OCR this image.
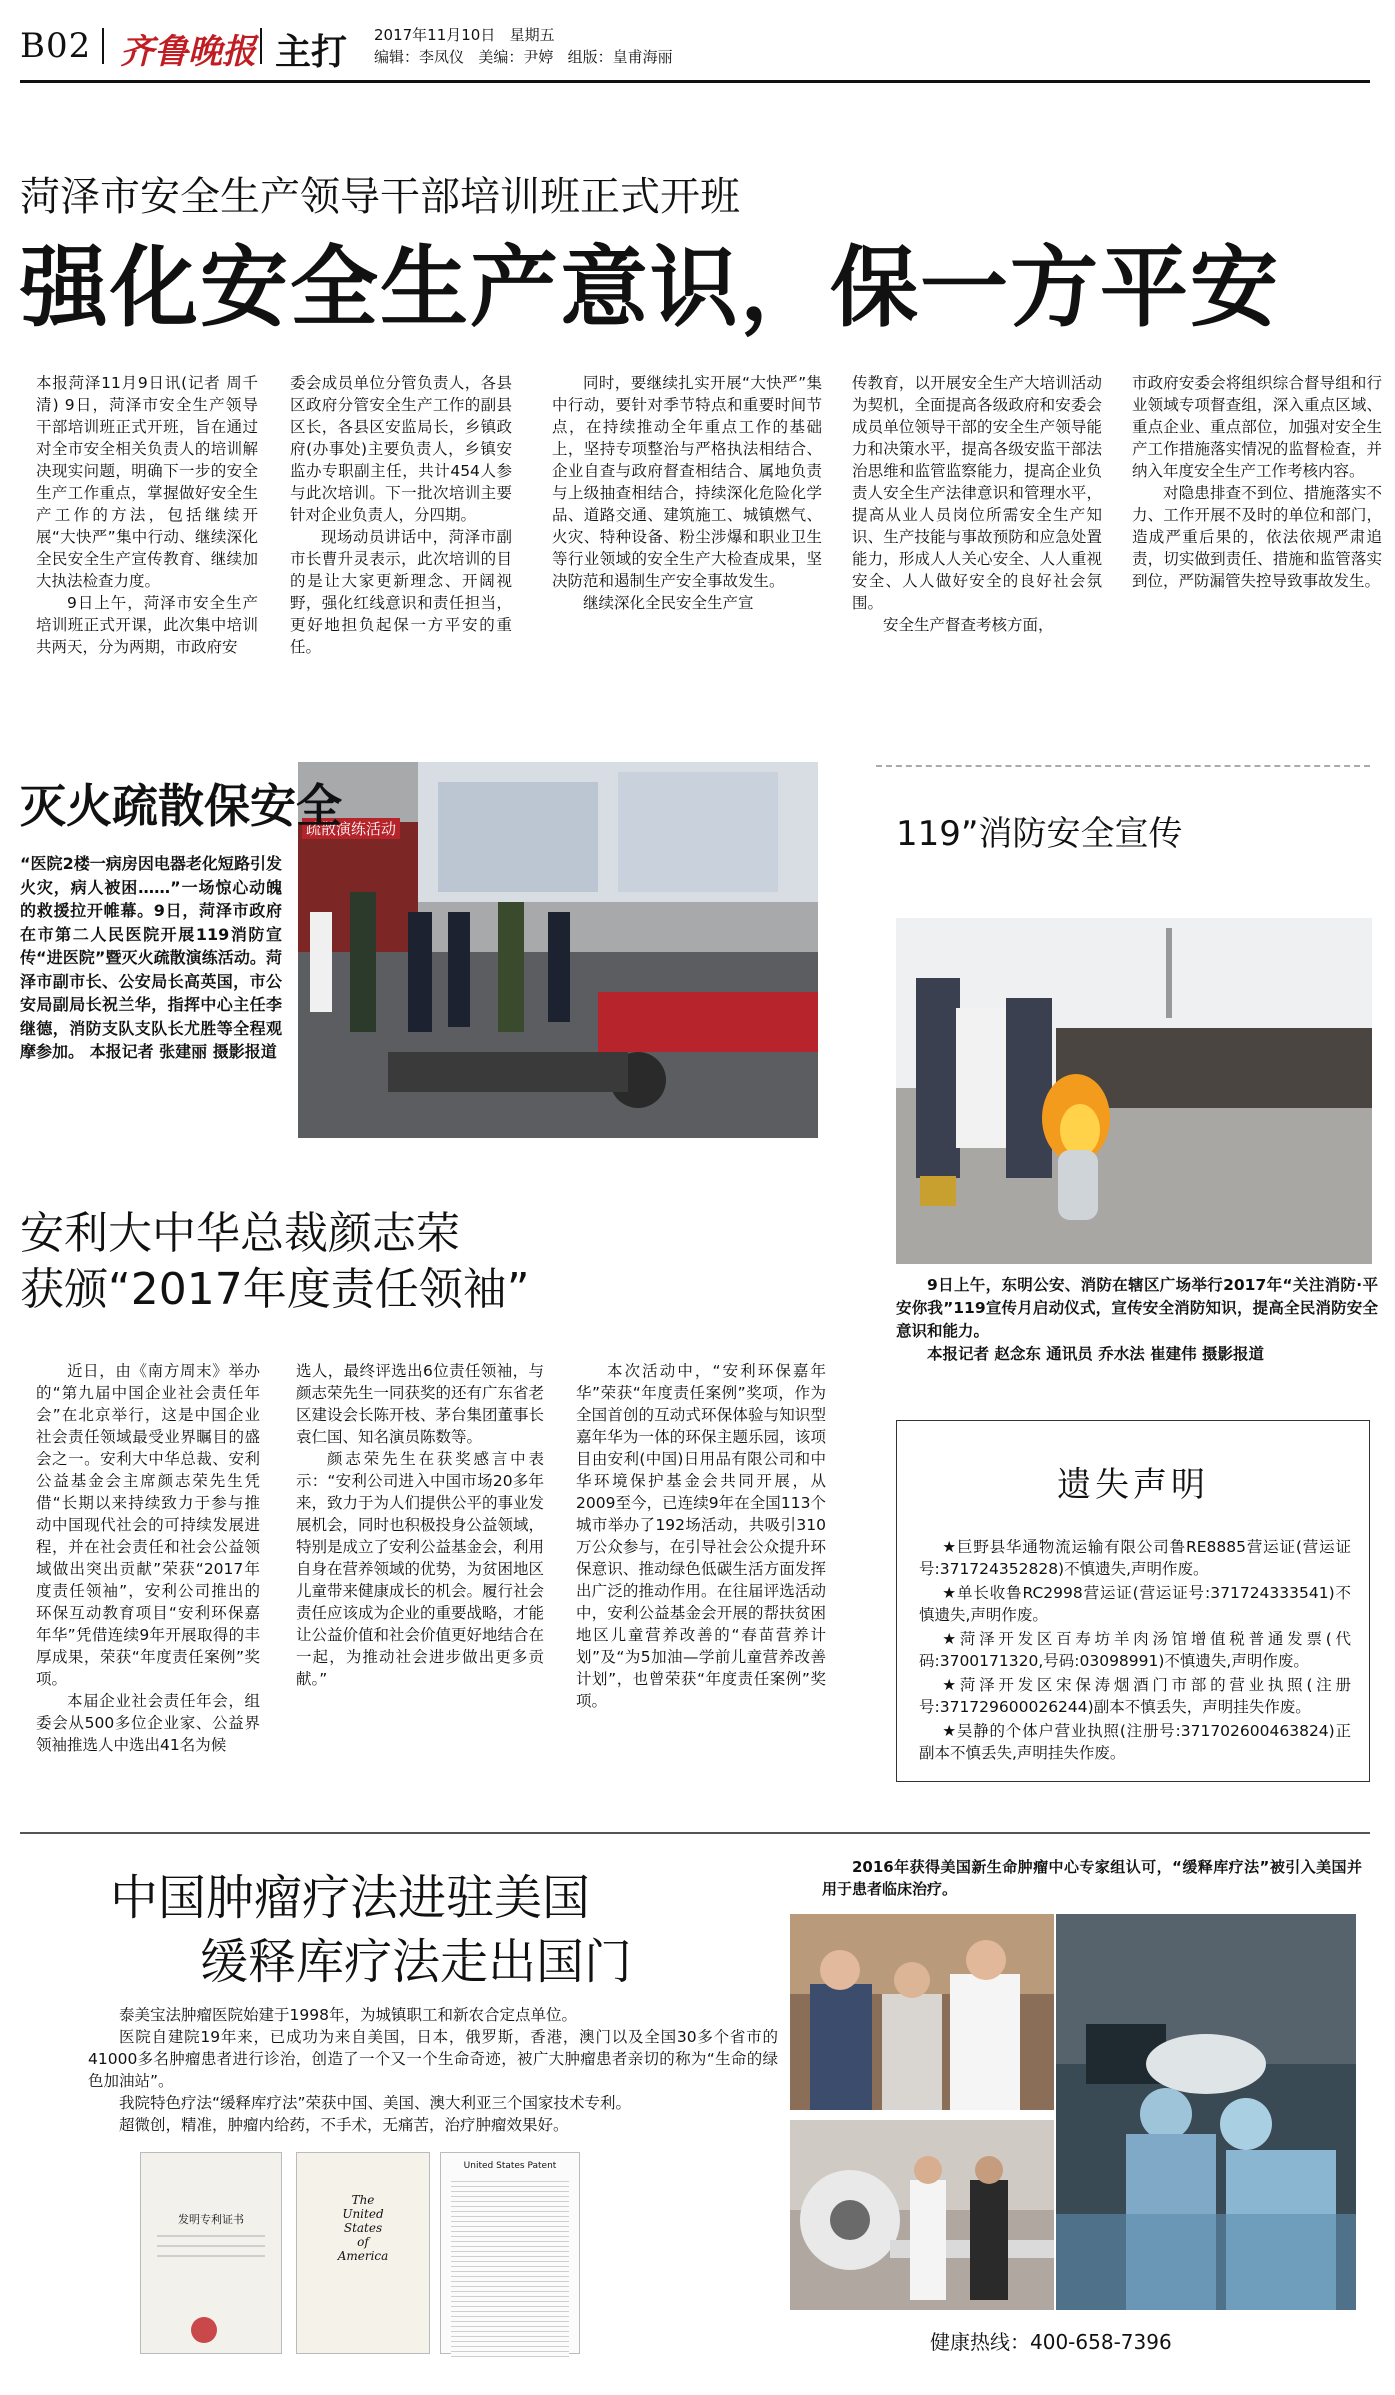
B02 齐鲁晚报 主打 2017年11月10日 星期五
编辑：李凤仪 美编：尹婷 组版：皇甫海丽
菏泽市安全生产领导干部培训班正式开班
强化安全生产意识，保一方平安

本报菏泽11月9日讯(记者 周千清) 9日，菏泽市安全生产领导干部培训班正式开班，旨在通过对全市安全相关负责人的培训解决现实问题，明确下一步的安全生产工作重点，掌握做好安全生产工作的方法，包括继续开展“大快严”集中行动、继续深化全民安全生产宣传教育、继续加大执法检查力度。

9日上午，菏泽市安全生产培训班正式开课，此次集中培训共两天，分为两期，市政府安

委会成员单位分管负责人，各县区政府分管安全生产工作的副县区长，各县区安监局长，乡镇政府(办事处)主要负责人，乡镇安监办专职副主任，共计454人参与此次培训。下一批次培训主要针对企业负责人，分四期。

现场动员讲话中，菏泽市副市长曹升灵表示，此次培训的目的是让大家更新理念、开阔视野，强化红线意识和责任担当，更好地担负起保一方平安的重任。

同时，要继续扎实开展“大快严”集中行动，要针对季节特点和重要时间节点，在持续推动全年重点工作的基础上，坚持专项整治与严格执法相结合、企业自查与政府督查相结合、属地负责与上级抽查相结合，持续深化危险化学品、道路交通、建筑施工、城镇燃气、火灾、特种设备、粉尘涉爆和职业卫生等行业领域的安全生产大检查成果，坚决防范和遏制生产安全事故发生。

继续深化全民安全生产宣

传教育，以开展安全生产大培训活动为契机，全面提高各级政府和安委会成员单位领导干部的安全生产领导能力和决策水平，提高各级安监干部法治思维和监管监察能力，提高企业负责人安全生产法律意识和管理水平，提高从业人员岗位所需安全生产知识、生产技能与事故预防和应急处置能力，形成人人关心安全、人人重视安全、人人做好安全的良好社会氛围。

安全生产督查考核方面，

市政府安委会将组织综合督导组和行业领域专项督查组，深入重点区域、重点企业、重点部位，加强对安全生产工作措施落实情况的监督检查，并纳入年度安全生产工作考核内容。

对隐患排查不到位、措施落实不力、工作开展不及时的单位和部门，造成严重后果的，依法依规严肃追责，切实做到责任、措施和监管落实到位，严防漏管失控导致事故发生。

灭火疏散保安全

“医院2楼一病房因电器老化短路引发火灾，病人被困……”一场惊心动魄的救援拉开帷幕。9日，菏泽市政府在市第二人民医院开展119消防宣传“进医院”暨灭火疏散演练活动。菏泽市副市长、公安局长高英国，市公安局副局长祝兰华，指挥中心主任李继德，消防支队支队长尤胜等全程观摩参加。 本报记者 张建丽 摄影报道

疏散演练活动	119”消防安全宣传

9日上午，东明公安、消防在辖区广场举行2017年“关注消防·平安你我”119宣传月启动仪式，宣传安全消防知识，提高全民消防安全意识和能力。

本报记者 赵念东 通讯员 乔水法 崔建伟 摄影报道

安利大中华总裁颜志荣
获颁“2017年度责任领袖”

近日，由《南方周末》举办的“第九届中国企业社会责任年会”在北京举行，这是中国企业社会责任领域最受业界瞩目的盛会之一。安利大中华总裁、安利公益基金会主席颜志荣先生凭借“长期以来持续致力于参与推动中国现代社会的可持续发展进程，并在社会责任和社会公益领域做出突出贡献”荣获“2017年度责任领袖”，安利公司推出的环保互动教育项目“安利环保嘉年华”凭借连续9年开展取得的丰厚成果，荣获“年度责任案例”奖项。

本届企业社会责任年会，组委会从500多位企业家、公益界领袖推选人中选出41名为候

选人，最终评选出6位责任领袖，与颜志荣先生一同获奖的还有广东省老区建设会长陈开枝、茅台集团董事长袁仁国、知名演员陈数等。

颜志荣先生在获奖感言中表示：“安利公司进入中国市场20多年来，致力于为人们提供公平的事业发展机会，同时也积极投身公益领域，特别是成立了安利公益基金会，利用自身在营养领域的优势，为贫困地区儿童带来健康成长的机会。履行社会责任应该成为企业的重要战略，才能让公益价值和社会价值更好地结合在一起，为推动社会进步做出更多贡献。”

本次活动中，“安利环保嘉年华”荣获“年度责任案例”奖项，作为全国首创的互动式环保体验与知识型嘉年华为一体的环保主题乐园，该项目由安利(中国)日用品有限公司和中华环境保护基金会共同开展，从2009至今，已连续9年在全国113个城市举办了192场活动，共吸引310万公众参与，在引导社会公众提升环保意识、推动绿色低碳生活方面发挥出广泛的推动作用。在往届评选活动中，安利公益基金会开展的帮扶贫困地区儿童营养改善的“春苗营养计划”及“为5加油—学前儿童营养改善计划”，也曾荣获“年度责任案例”奖项。

遗失声明

★巨野县华通物流运输有限公司鲁RE8885营运证(营运证号:371724352828)不慎遗失,声明作废。

★单长收鲁RC2998营运证(营运证号:371724333541)不慎遗失,声明作废。

★菏泽开发区百寿坊羊肉汤馆增值税普通发票(代码:3700171320,号码:03098991)不慎遗失,声明作废。

★菏泽开发区宋保涛烟酒门市部的营业执照(注册号:371729600026244)副本不慎丢失，声明挂失作废。

★吴静的个体户营业执照(注册号:371702600463824)正副本不慎丢失,声明挂失作废。

中国肿瘤疗法进驻美国
缓释库疗法走出国门

泰美宝法肿瘤医院始建于1998年，为城镇职工和新农合定点单位。

医院自建院19年来，已成功为来自美国，日本，俄罗斯，香港，澳门以及全国30多个省市的41000多名肿瘤患者进行诊治，创造了一个又一个生命奇迹，被广大肿瘤患者亲切的称为“生命的绿色加油站”。

我院特色疗法“缓释库疗法”荣获中国、美国、澳大利亚三个国家技术专利。

超微创，精准，肿瘤内给药，不手术，无痛苦，治疗肿瘤效果好。

发明专利证书
The
United
States
of
America
United States Patent

2016年获得美国新生命肿瘤中心专家组认可，“缓释库疗法”被引入美国并用于患者临床治疗。

健康热线：400-658-7396
